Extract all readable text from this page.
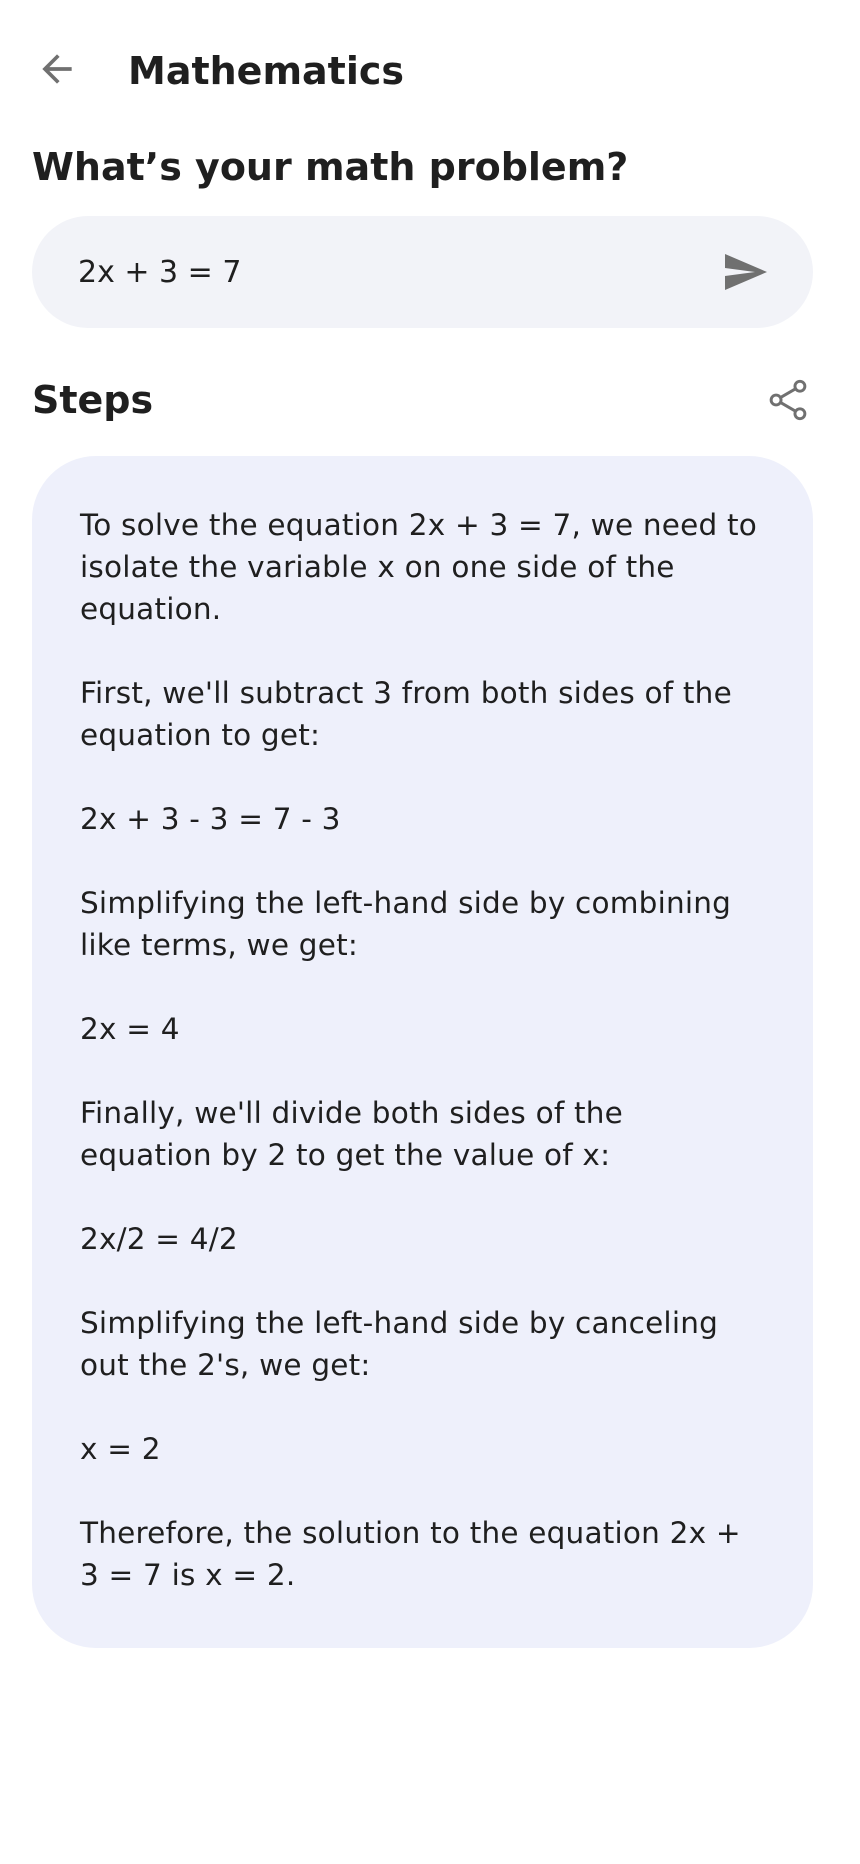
Mathematics
What’s your math problem?
2x + 3 = 7
Steps
To solve the equation 2x + 3 = 7, we need to isolate the variable x on one side of the equation.

First, we'll subtract 3 from both sides of the equation to get:

2x + 3 - 3 = 7 - 3

Simplifying the left-hand side by combining like terms, we get:

2x = 4

Finally, we'll divide both sides of the equation by 2 to get the value of x:

2x/2 = 4/2

Simplifying the left-hand side by canceling out the 2's, we get:

x = 2

Therefore, the solution to the equation 2x + 3 = 7 is x = 2.
